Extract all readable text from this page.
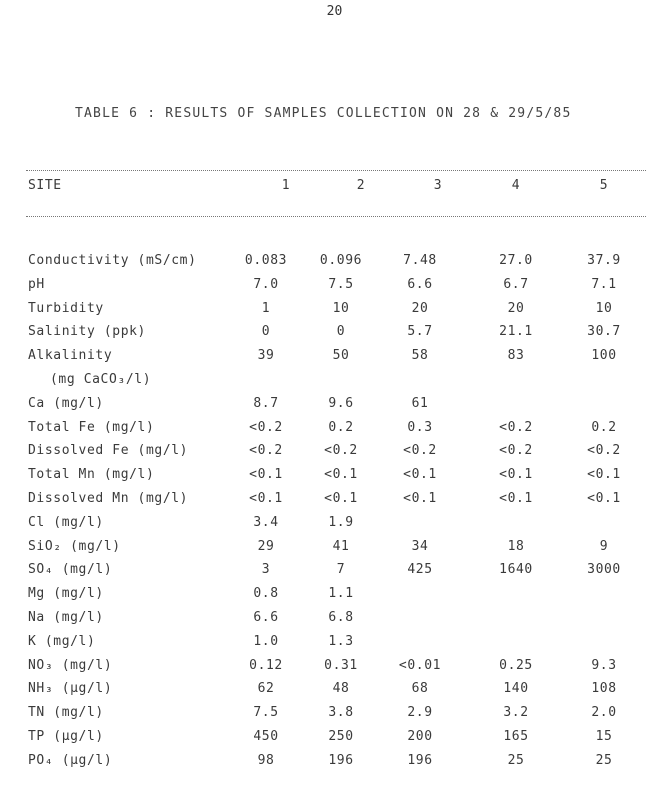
20
TABLE 6 : RESULTS OF SAMPLES COLLECTION ON 28 & 29/5/85
SITE	1	2	3	4	5
Conductivity (mS/cm)	0.083	0.096	7.48	27.0	37.9
pH	7.0	7.5	6.6	6.7	7.1
Turbidity	1	10	20	20	10
Salinity (ppk)	0	0	5.7	21.1	30.7
Alkalinity	39	50	58	83	100
(mg CaCO₃/l)
Ca (mg/l)	8.7	9.6	61
Total Fe (mg/l)	<0.2	0.2	0.3	<0.2	0.2
Dissolved Fe (mg/l)	<0.2	<0.2	<0.2	<0.2	<0.2
Total Mn (mg/l)	<0.1	<0.1	<0.1	<0.1	<0.1
Dissolved Mn (mg/l)	<0.1	<0.1	<0.1	<0.1	<0.1
Cl (mg/l)	3.4	1.9
SiO₂ (mg/l)	29	41	34	18	9
SO₄ (mg/l)	3	7	425	1640	3000
Mg (mg/l)	0.8	1.1
Na (mg/l)	6.6	6.8
K (mg/l)	1.0	1.3
NO₃ (mg/l)	0.12	0.31	<0.01	0.25	9.3
NH₃ (μg/l)	62	48	68	140	108
TN (mg/l)	7.5	3.8	2.9	3.2	2.0
TP (μg/l)	450	250	200	165	15
PO₄ (μg/l)	98	196	196	25	25
